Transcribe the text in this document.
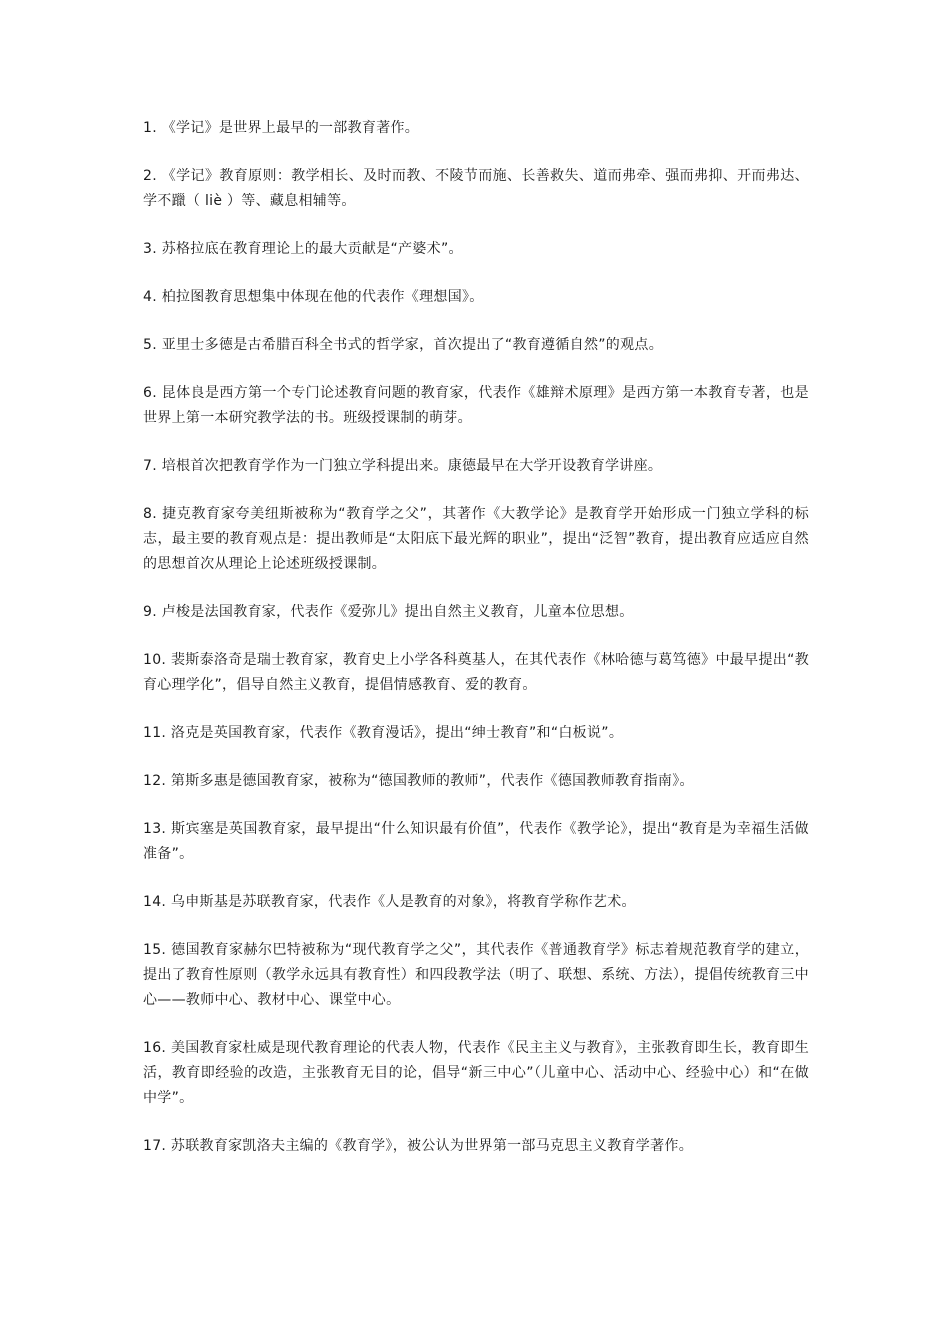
1. 《学记》是世界上最早的一部教育著作。

2. 《学记》教育原则：教学相长、及时而教、不陵节而施、长善救失、道而弗牵、强而弗抑、开而弗达、学不躐（ liè ）等、藏息相辅等。

3. 苏格拉底在教育理论上的最大贡献是“产婆术”。

4. 柏拉图教育思想集中体现在他的代表作《理想国》。

5. 亚里士多德是古希腊百科全书式的哲学家，首次提出了“教育遵循自然”的观点。

6. 昆体良是西方第一个专门论述教育问题的教育家，代表作《雄辩术原理》是西方第一本教育专著，也是世界上第一本研究教学法的书。班级授课制的萌芽。

7. 培根首次把教育学作为一门独立学科提出来。康德最早在大学开设教育学讲座。

8. 捷克教育家夸美纽斯被称为“教育学之父”，其著作《大教学论》是教育学开始形成一门独立学科的标志，最主要的教育观点是：提出教师是“太阳底下最光辉的职业”，提出“泛智”教育，提出教育应适应自然的思想首次从理论上论述班级授课制。

9. 卢梭是法国教育家，代表作《爱弥儿》提出自然主义教育，儿童本位思想。

10. 裴斯泰洛奇是瑞士教育家，教育史上小学各科奠基人，在其代表作《林哈德与葛笃德》中最早提出“教育心理学化”，倡导自然主义教育，提倡情感教育、爱的教育。

11. 洛克是英国教育家，代表作《教育漫话》，提出“绅士教育”和“白板说”。

12. 第斯多惠是德国教育家，被称为“德国教师的教师”，代表作《德国教师教育指南》。

13. 斯宾塞是英国教育家，最早提出“什么知识最有价值”，代表作《教学论》，提出“教育是为幸福生活做准备”。

14. 乌申斯基是苏联教育家，代表作《人是教育的对象》，将教育学称作艺术。

15. 德国教育家赫尔巴特被称为“现代教育学之父”，其代表作《普通教育学》标志着规范教育学的建立，提出了教育性原则（教学永远具有教育性）和四段教学法（明了、联想、系统、方法），提倡传统教育三中心——教师中心、教材中心、课堂中心。

16. 美国教育家杜威是现代教育理论的代表人物，代表作《民主主义与教育》，主张教育即生长，教育即生活，教育即经验的改造，主张教育无目的论，倡导“新三中心”（儿童中心、活动中心、经验中心）和“在做中学”。

17. 苏联教育家凯洛夫主编的《教育学》，被公认为世界第一部马克思主义教育学著作。
